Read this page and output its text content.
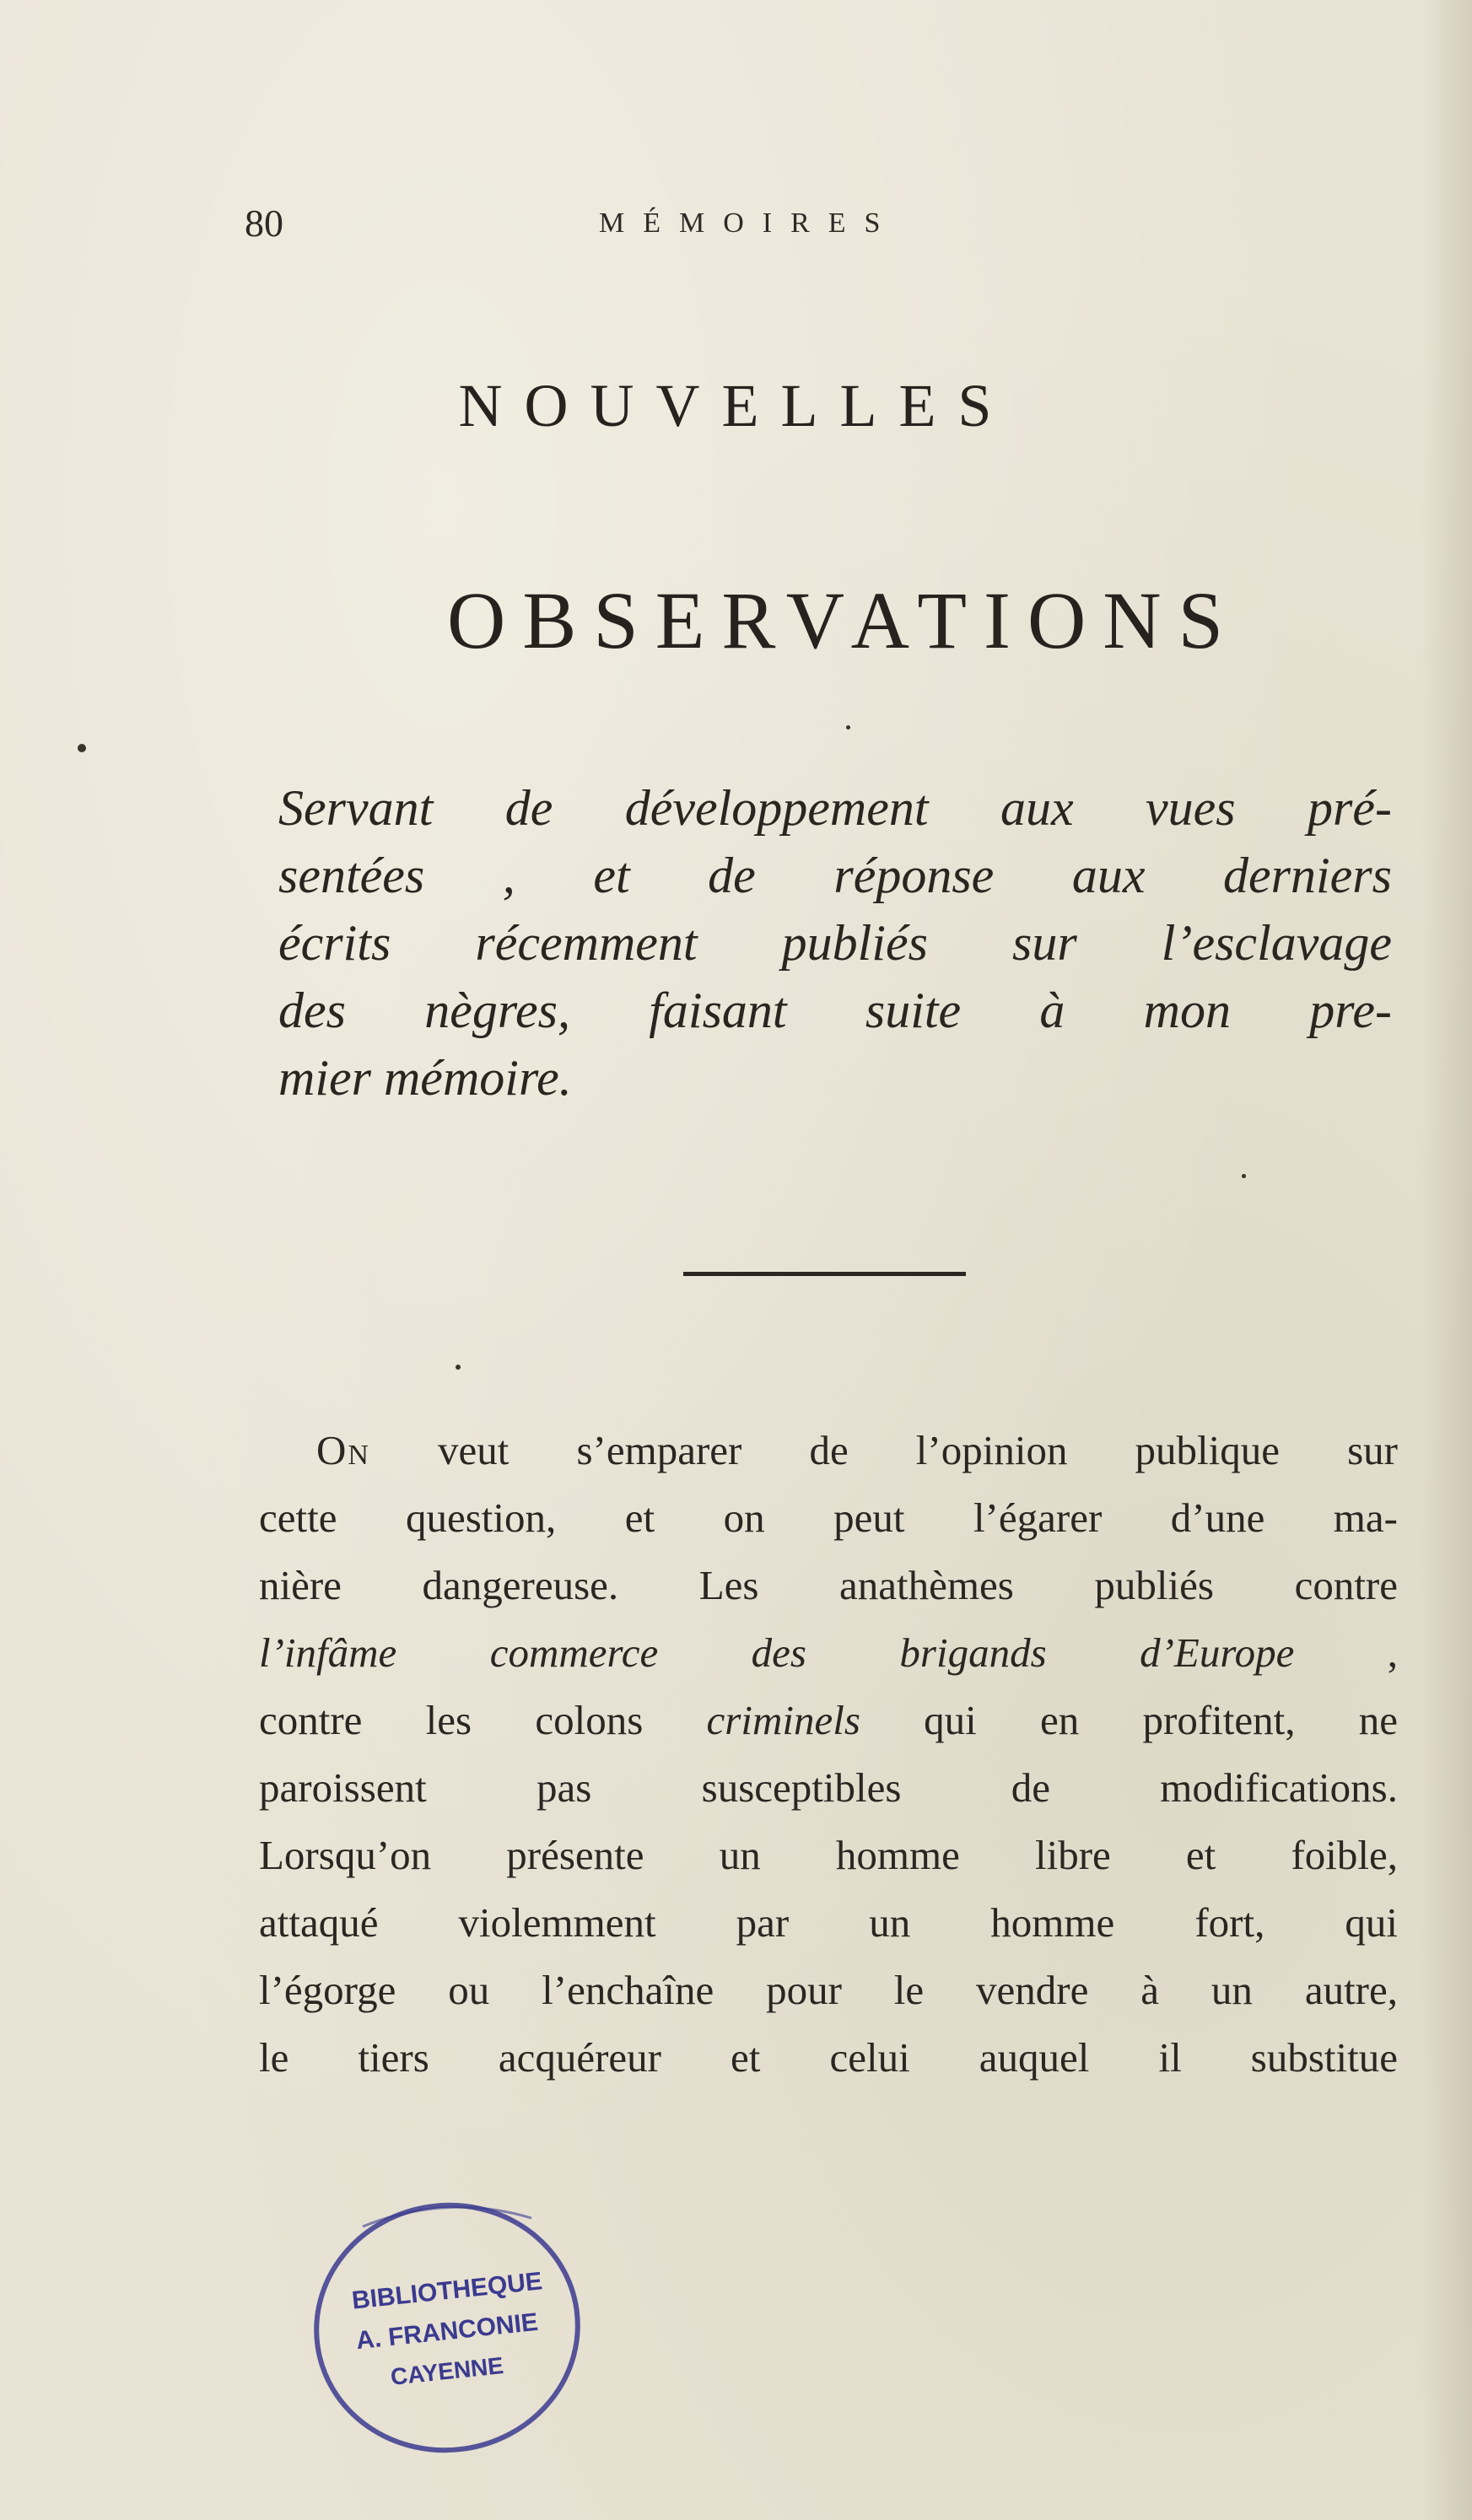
80	MÉMOIRES
NOUVELLES
OBSERVATIONS
Servant de développement aux vues pré-
sentées , et de réponse aux derniers
écrits récemment publiés sur l’esclavage
des nègres, faisant suite à mon pre-
mier mémoire.
On veut s’emparer de l’opinion publique sur
cette question, et on peut l’égarer d’une ma-
nière dangereuse. Les anathèmes publiés contre
l’infâme commerce des brigands d’Europe ,
contre les colons criminels qui en profitent, ne
paroissent pas susceptibles de modifications.
Lorsqu’on présente un homme libre et foible,
attaqué violemment par un homme fort, qui
l’égorge ou l’enchaîne pour le vendre à un autre,
le tiers acquéreur et celui auquel il substitue
BIBLIOTHEQUE
A. FRANCONIE
CAYENNE
